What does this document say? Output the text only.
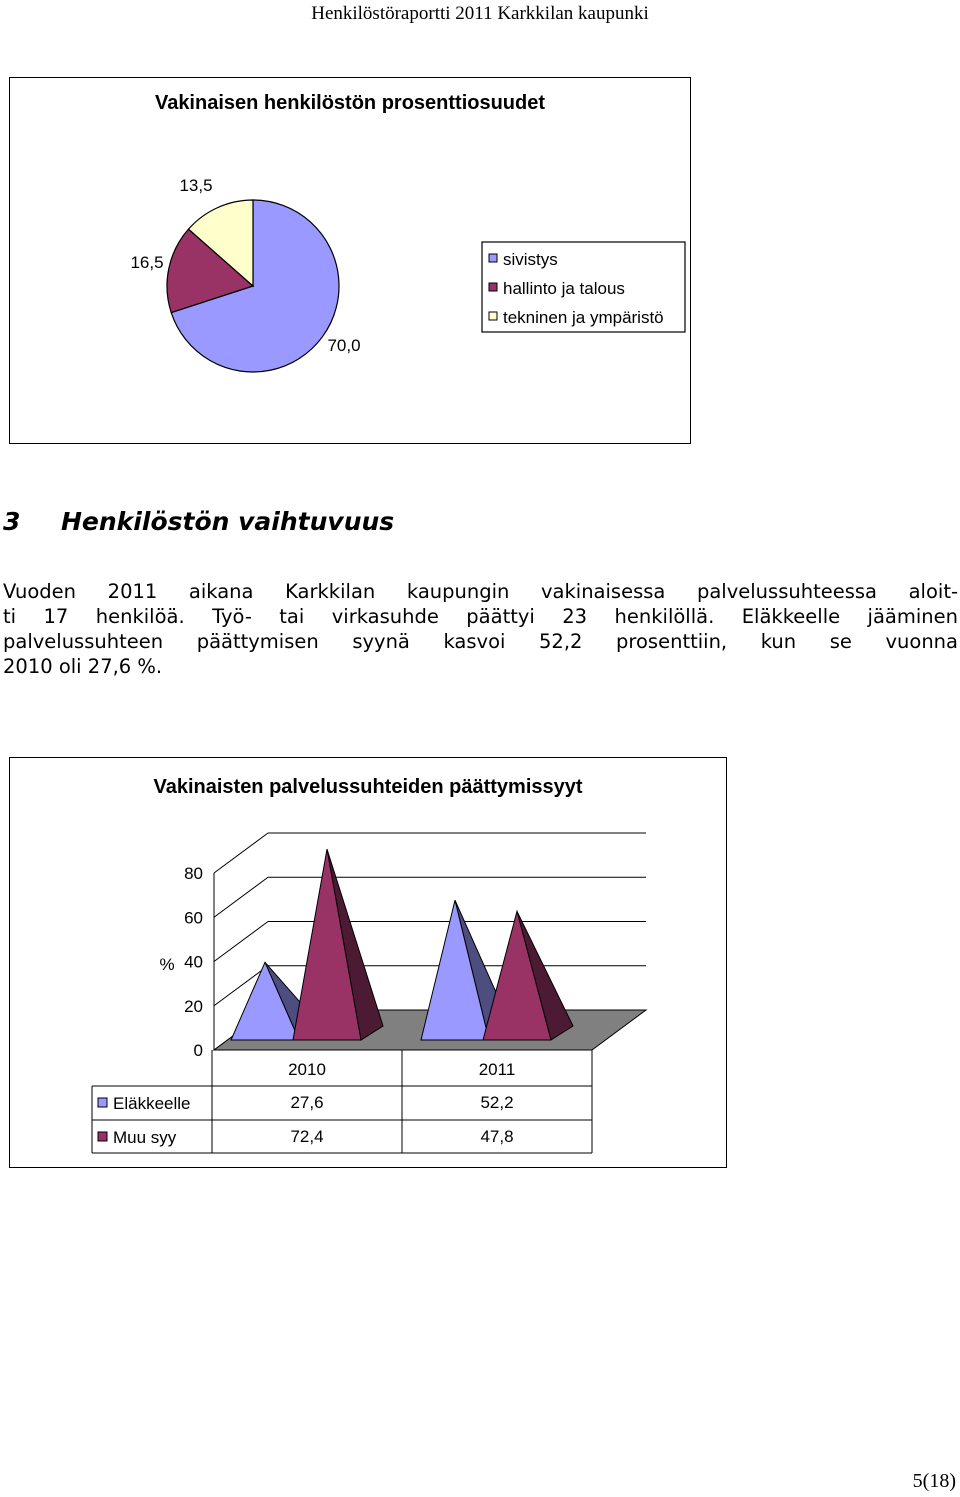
Henkilöstöraportti 2011 Karkkilan kaupunki
Vakinaisen henkilöstön prosenttiosuudet
70,0
16,5
13,5
sivistys
hallinto ja talous
tekninen ja ympäristö
3 Henkilöstön vaihtuvuus
Vuoden 2011 aikana Karkkilan kaupungin vakinaisessa palvelussuhteessa aloit-
ti 17 henkilöä. Työ- tai virkasuhde päättyi 23 henkilöllä. Eläkkeelle jääminen
palvelussuhteen päättymisen syynä kasvoi 52,2 prosenttiin, kun se vuonna
2010 oli 27,6 %.
Vakinaisten palvelussuhteiden päättymissyyt
80
60
40
20
0
%
2010	2011
Eläkkeelle	27,6	52,2
Muu syy	72,4	47,8
5(18)
